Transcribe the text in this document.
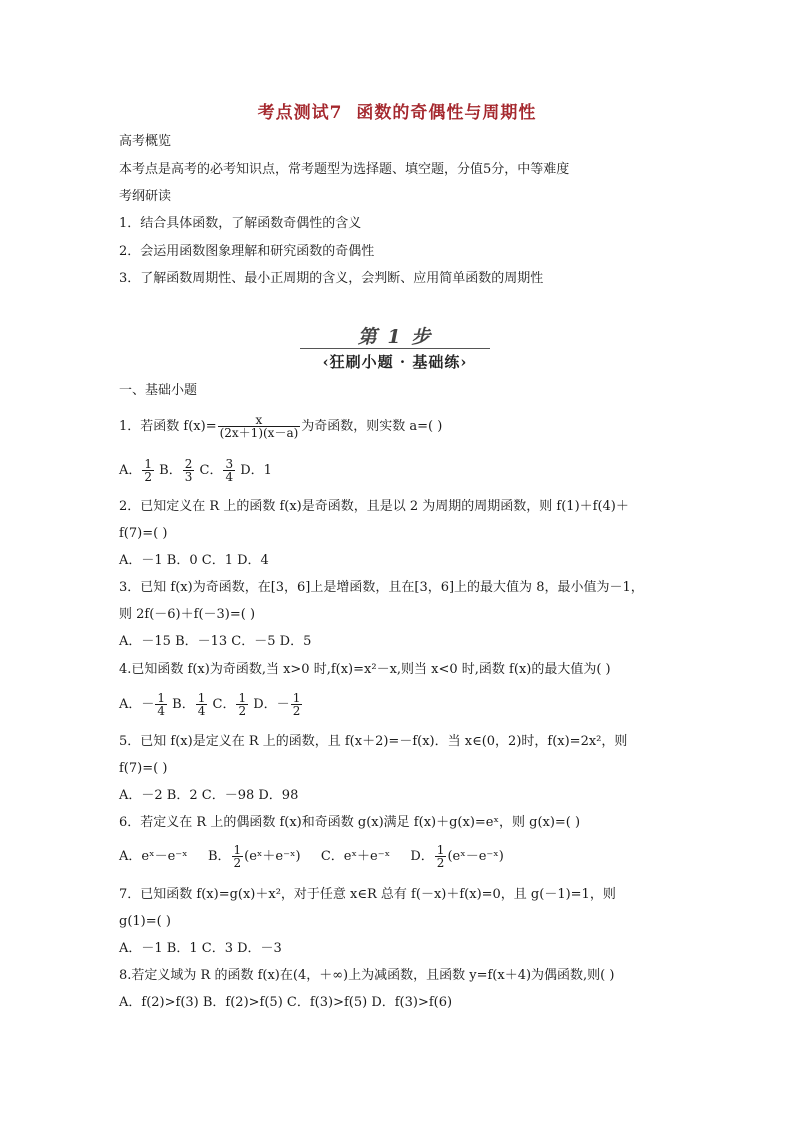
考点测试7 函数的奇偶性与周期性
高考概览
本考点是高考的必考知识点，常考题型为选择题、填空题，分值5分，中等难度
考纲研读
1．结合具体函数，了解函数奇偶性的含义
2．会运用函数图象理解和研究函数的奇偶性
3．了解函数周期性、最小正周期的含义，会判断、应用简单函数的周期性
第 1 步
‹狂刷小题 · 基础练›
一、基础小题
1．若函数 $f(x)= \frac{x}{(2x+1)(x-a)}$ 为奇函数，则实数 a=( )
A． $\frac{1}{2}$ B． $\frac{2}{3}$ C． $\frac{3}{4}$ D．1
2．已知定义在 R 上的函数 f(x)是奇函数，且是以 2 为周期的周期函数，则 f(1)＋f(4)＋
f(7)=( )
A．－1 B．0 C．1 D．4
3．已知 f(x)为奇函数，在[3，6]上是增函数，且在[3，6]上的最大值为 8，最小值为－1，
则 2f(－6)＋f(－3)=( )
A．－15 B．－13 C．－5 D．5
4.已知函数 f(x)为奇函数,当 x>0 时,f(x)=x²－x,则当 x<0 时,函数 f(x)的最大值为( )
A．－ $\frac{1}{4}$ B． $\frac{1}{4}$ C． $\frac{1}{2}$ D．－ $\frac{1}{2}$
5．已知 f(x)是定义在 R 上的函数，且 f(x＋2)=－f(x)．当 x∈(0，2)时，f(x)=2x²，则
f(7)=( )
A．－2 B．2 C．－98 D．98
6．若定义在 R 上的偶函数 f(x)和奇函数 g(x)满足 f(x)＋g(x)=eˣ，则 g(x)=( )
A．eˣ－e⁻ˣ B． $\frac{1}{2}$ (eˣ＋e⁻ˣ) C．eˣ＋e⁻ˣ D． $\frac{1}{2}$ (eˣ－e⁻ˣ)
7．已知函数 f(x)=g(x)＋x²，对于任意 x∈R 总有 f(－x)＋f(x)=0，且 g(－1)=1，则
g(1)=( )
A．－1 B．1 C．3 D．－3
8.若定义域为 R 的函数 f(x)在(4，＋∞)上为减函数，且函数 y=f(x＋4)为偶函数,则( )
A．f(2)>f(3) B．f(2)>f(5) C．f(3)>f(5) D．f(3)>f(6)
